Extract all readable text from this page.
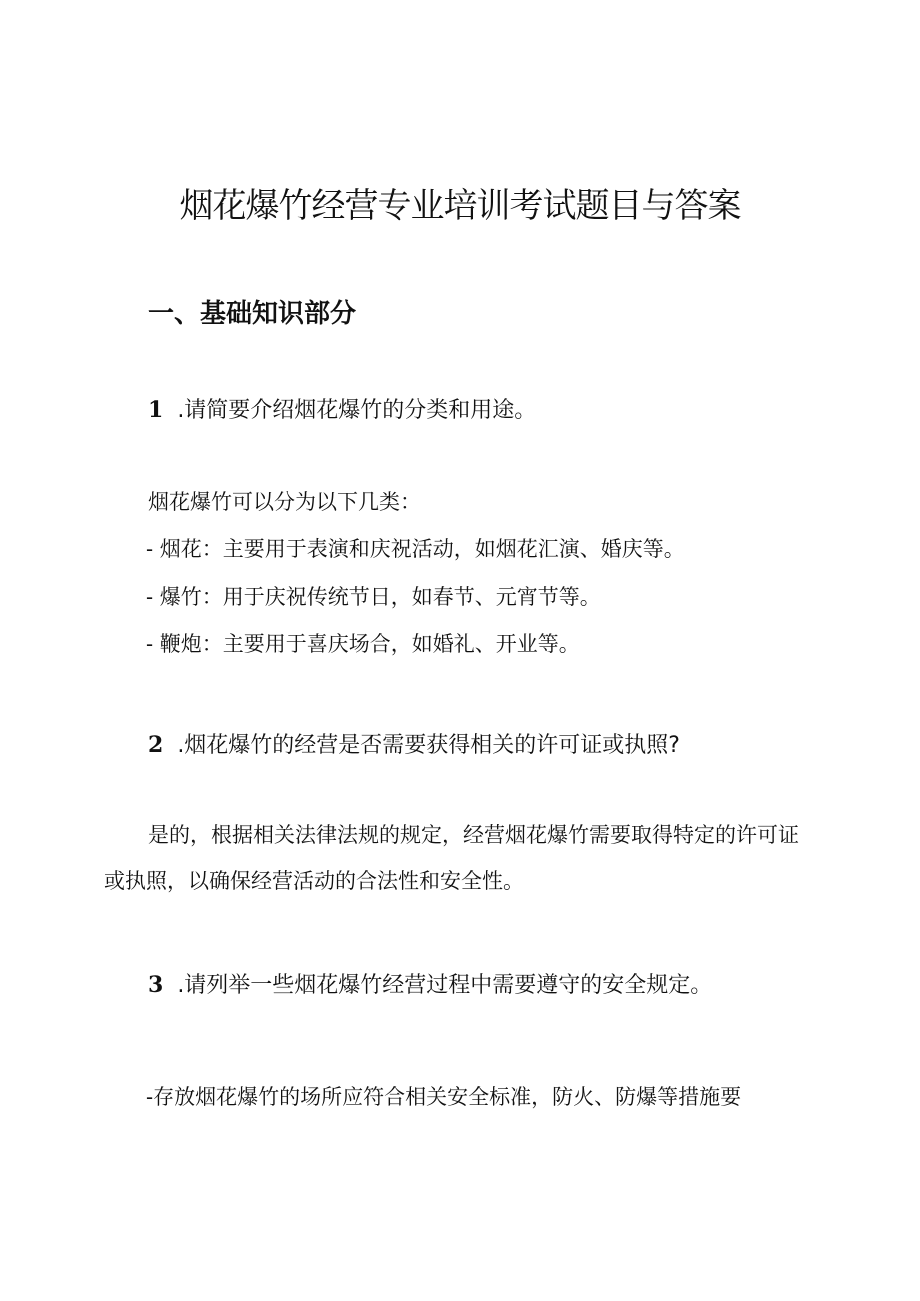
烟花爆竹经营专业培训考试题目与答案
一、基础知识部分

1 .请简要介绍烟花爆竹的分类和用途。

烟花爆竹可以分为以下几类：

- 烟花：主要用于表演和庆祝活动，如烟花汇演、婚庆等。

- 爆竹：用于庆祝传统节日，如春节、元宵节等。

- 鞭炮：主要用于喜庆场合，如婚礼、开业等。

2 .烟花爆竹的经营是否需要获得相关的许可证或执照?

是的，根据相关法律法规的规定，经营烟花爆竹需要取得特定的许可证或执照，以确保经营活动的合法性和安全性。

3 .请列举一些烟花爆竹经营过程中需要遵守的安全规定。

-存放烟花爆竹的场所应符合相关安全标准，防火、防爆等措施要
